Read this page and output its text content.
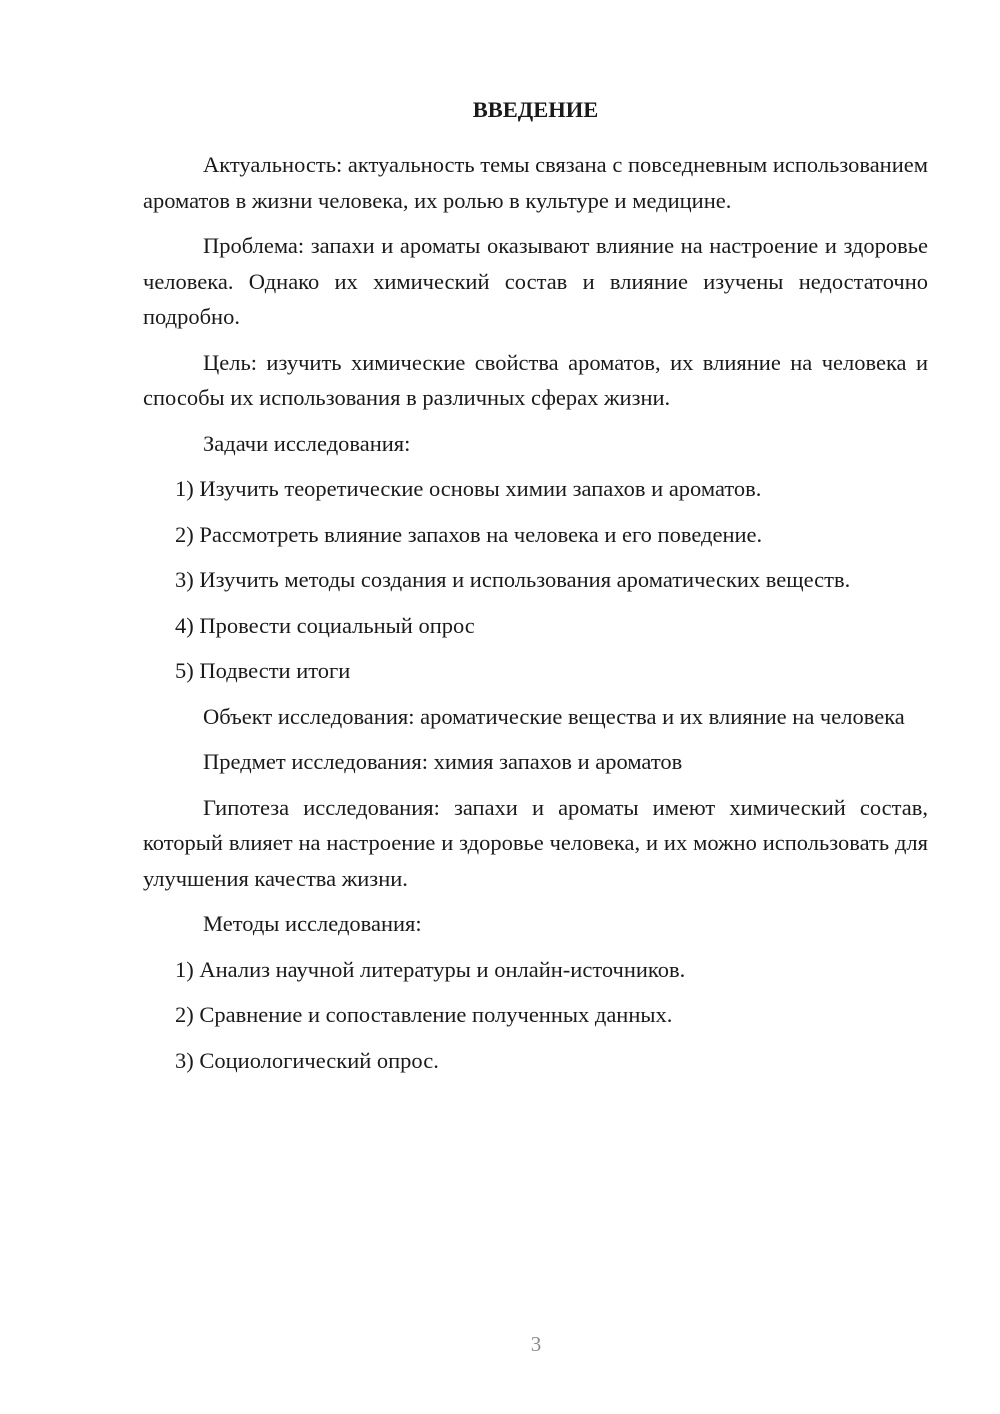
ВВЕДЕНИЕ

Актуальность: актуальность темы связана с повседневным использованием ароматов в жизни человека, их ролью в культуре и медицине.

Проблема: запахи и ароматы оказывают влияние на настроение и здоровье человека. Однако их химический состав и влияние изучены недостаточно подробно.

Цель: изучить химические свойства ароматов, их влияние на человека и способы их использования в различных сферах жизни.

Задачи исследования:

1) Изучить теоретические основы химии запахов и ароматов.
2) Рассмотреть влияние запахов на человека и его поведение.
3) Изучить методы создания и использования ароматических веществ.
4) Провести социальный опрос
5) Подвести итоги

Объект исследования: ароматические вещества и их влияние на человека

Предмет исследования: химия запахов и ароматов

Гипотеза исследования: запахи и ароматы имеют химический состав, который влияет на настроение и здоровье человека, и их можно использовать для улучшения качества жизни.

Методы исследования:

1) Анализ научной литературы и онлайн-источников.
2) Сравнение и сопоставление полученных данных.
3) Социологический опрос.
3
